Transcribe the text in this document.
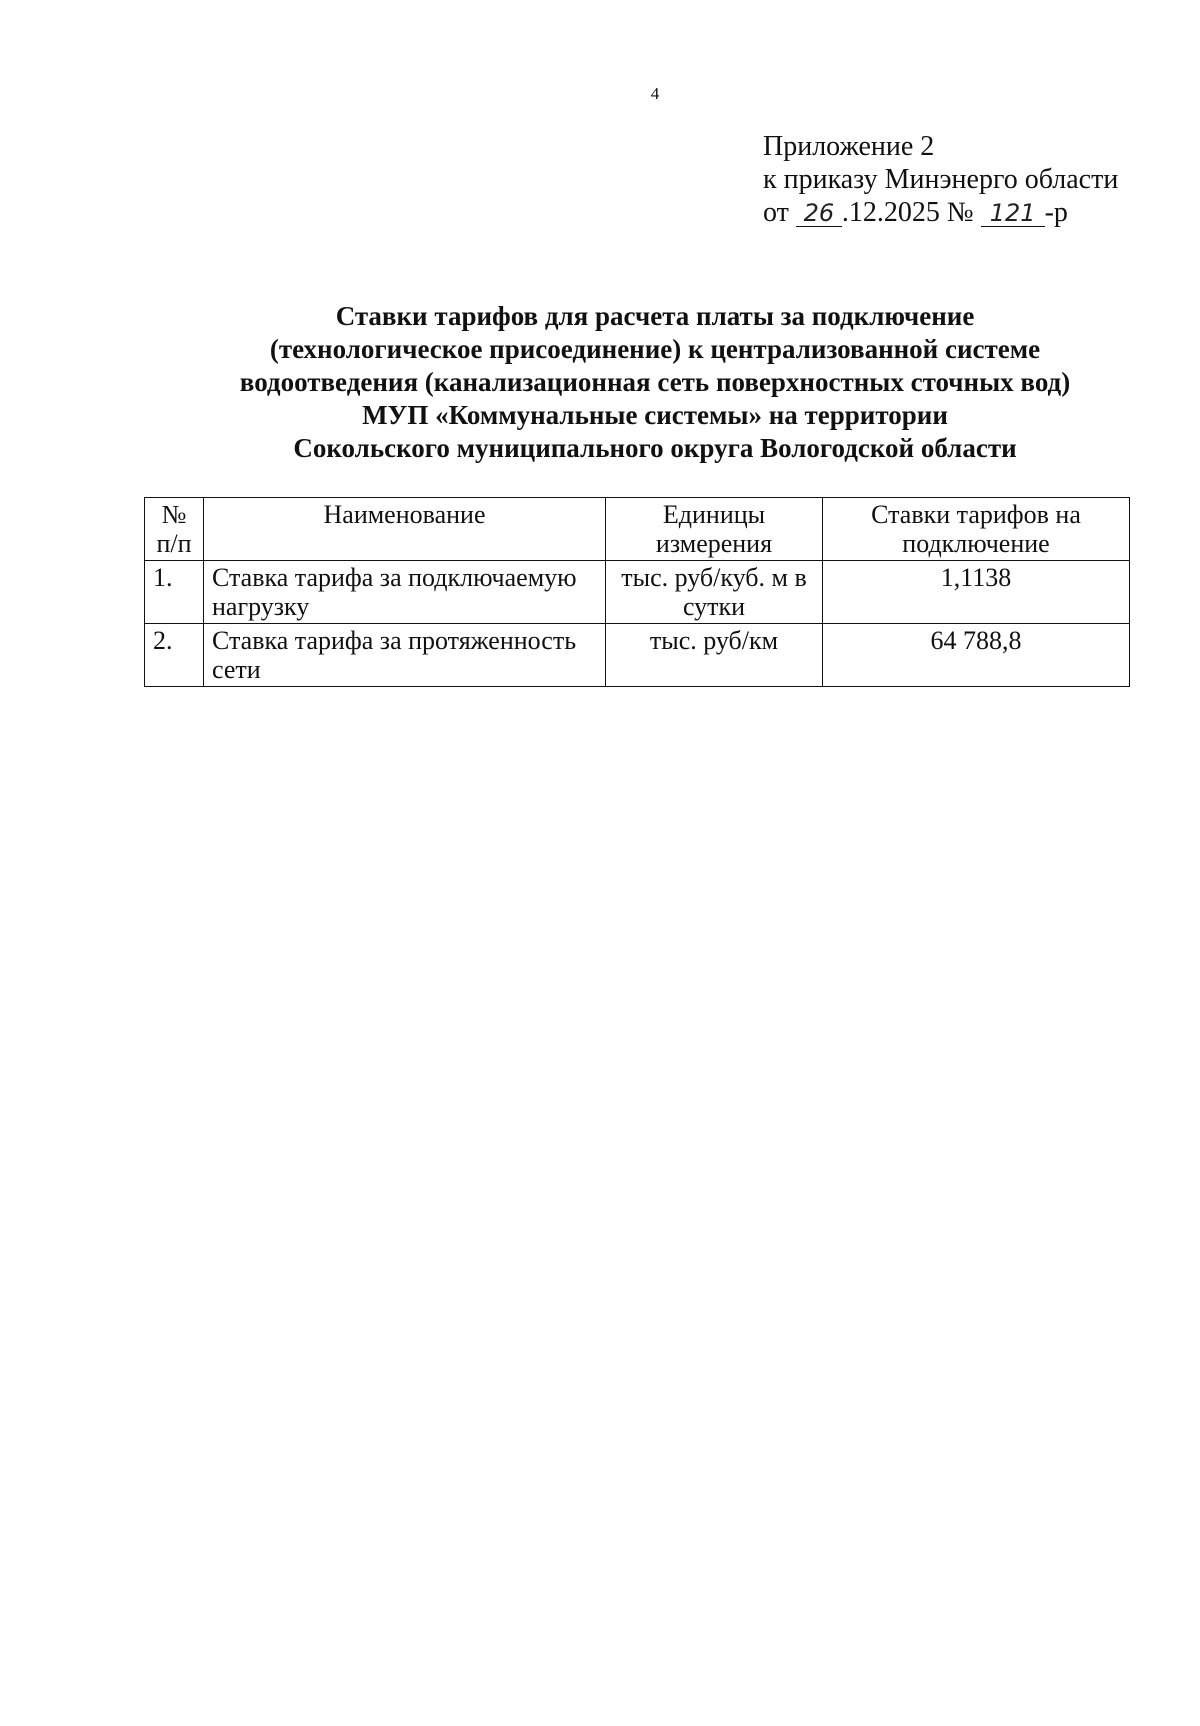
4
Приложение 2
к приказу Минэнерго области
от 26 .12.2025 № 121 -р
Ставки тарифов для расчета платы за подключение
(технологическое присоединение) к централизованной системе
водоотведения (канализационная сеть поверхностных сточных вод)
МУП «Коммунальные системы» на территории
Сокольского муниципального округа Вологодской области
№ п/п	Наименование	Единицы измерения	Ставки тарифов на подключение
1.	Ставка тарифа за подключаемую нагрузку	тыс. руб/куб. м в сутки	1,1138
2.	Ставка тарифа за протяженность сети	тыс. руб/км	64 788,8
